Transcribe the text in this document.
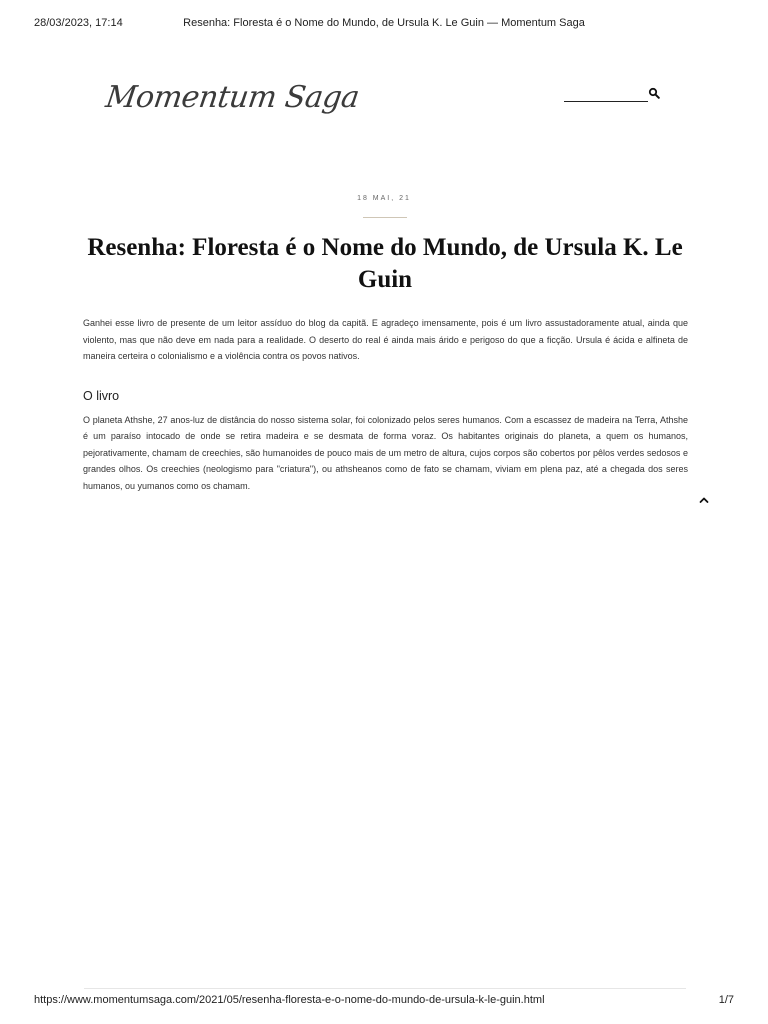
28/03/2023, 17:14	Resenha: Floresta é o Nome do Mundo, de Ursula K. Le Guin — Momentum Saga
Momentum Saga
18 MAI, 21
Resenha: Floresta é o Nome do Mundo, de Ursula K. Le Guin

Ganhei esse livro de presente de um leitor assíduo do blog da capitã. E agradeço imensamente, pois é um livro assustadoramente atual, ainda que violento, mas que não deve em nada para a realidade. O deserto do real é ainda mais árido e perigoso do que a ficção. Ursula é ácida e alfineta de maneira certeira o colonialismo e a violência contra os povos nativos.

O livro

O planeta Athshe, 27 anos-luz de distância do nosso sistema solar, foi colonizado pelos seres humanos. Com a escassez de madeira na Terra, Athshe é um paraíso intocado de onde se retira madeira e se desmata de forma voraz. Os habitantes originais do planeta, a quem os humanos, pejorativamente, chamam de creechies, são humanoides de pouco mais de um metro de altura, cujos corpos são cobertos por pêlos verdes sedosos e grandes olhos. Os creechies (neologismo para "criatura"), ou athsheanos como de fato se chamam, viviam em plena paz, até a chegada dos seres humanos, ou yumanos como os chamam.

https://www.momentumsaga.com/2021/05/resenha-floresta-e-o-nome-do-mundo-de-ursula-k-le-guin.html	1/7
